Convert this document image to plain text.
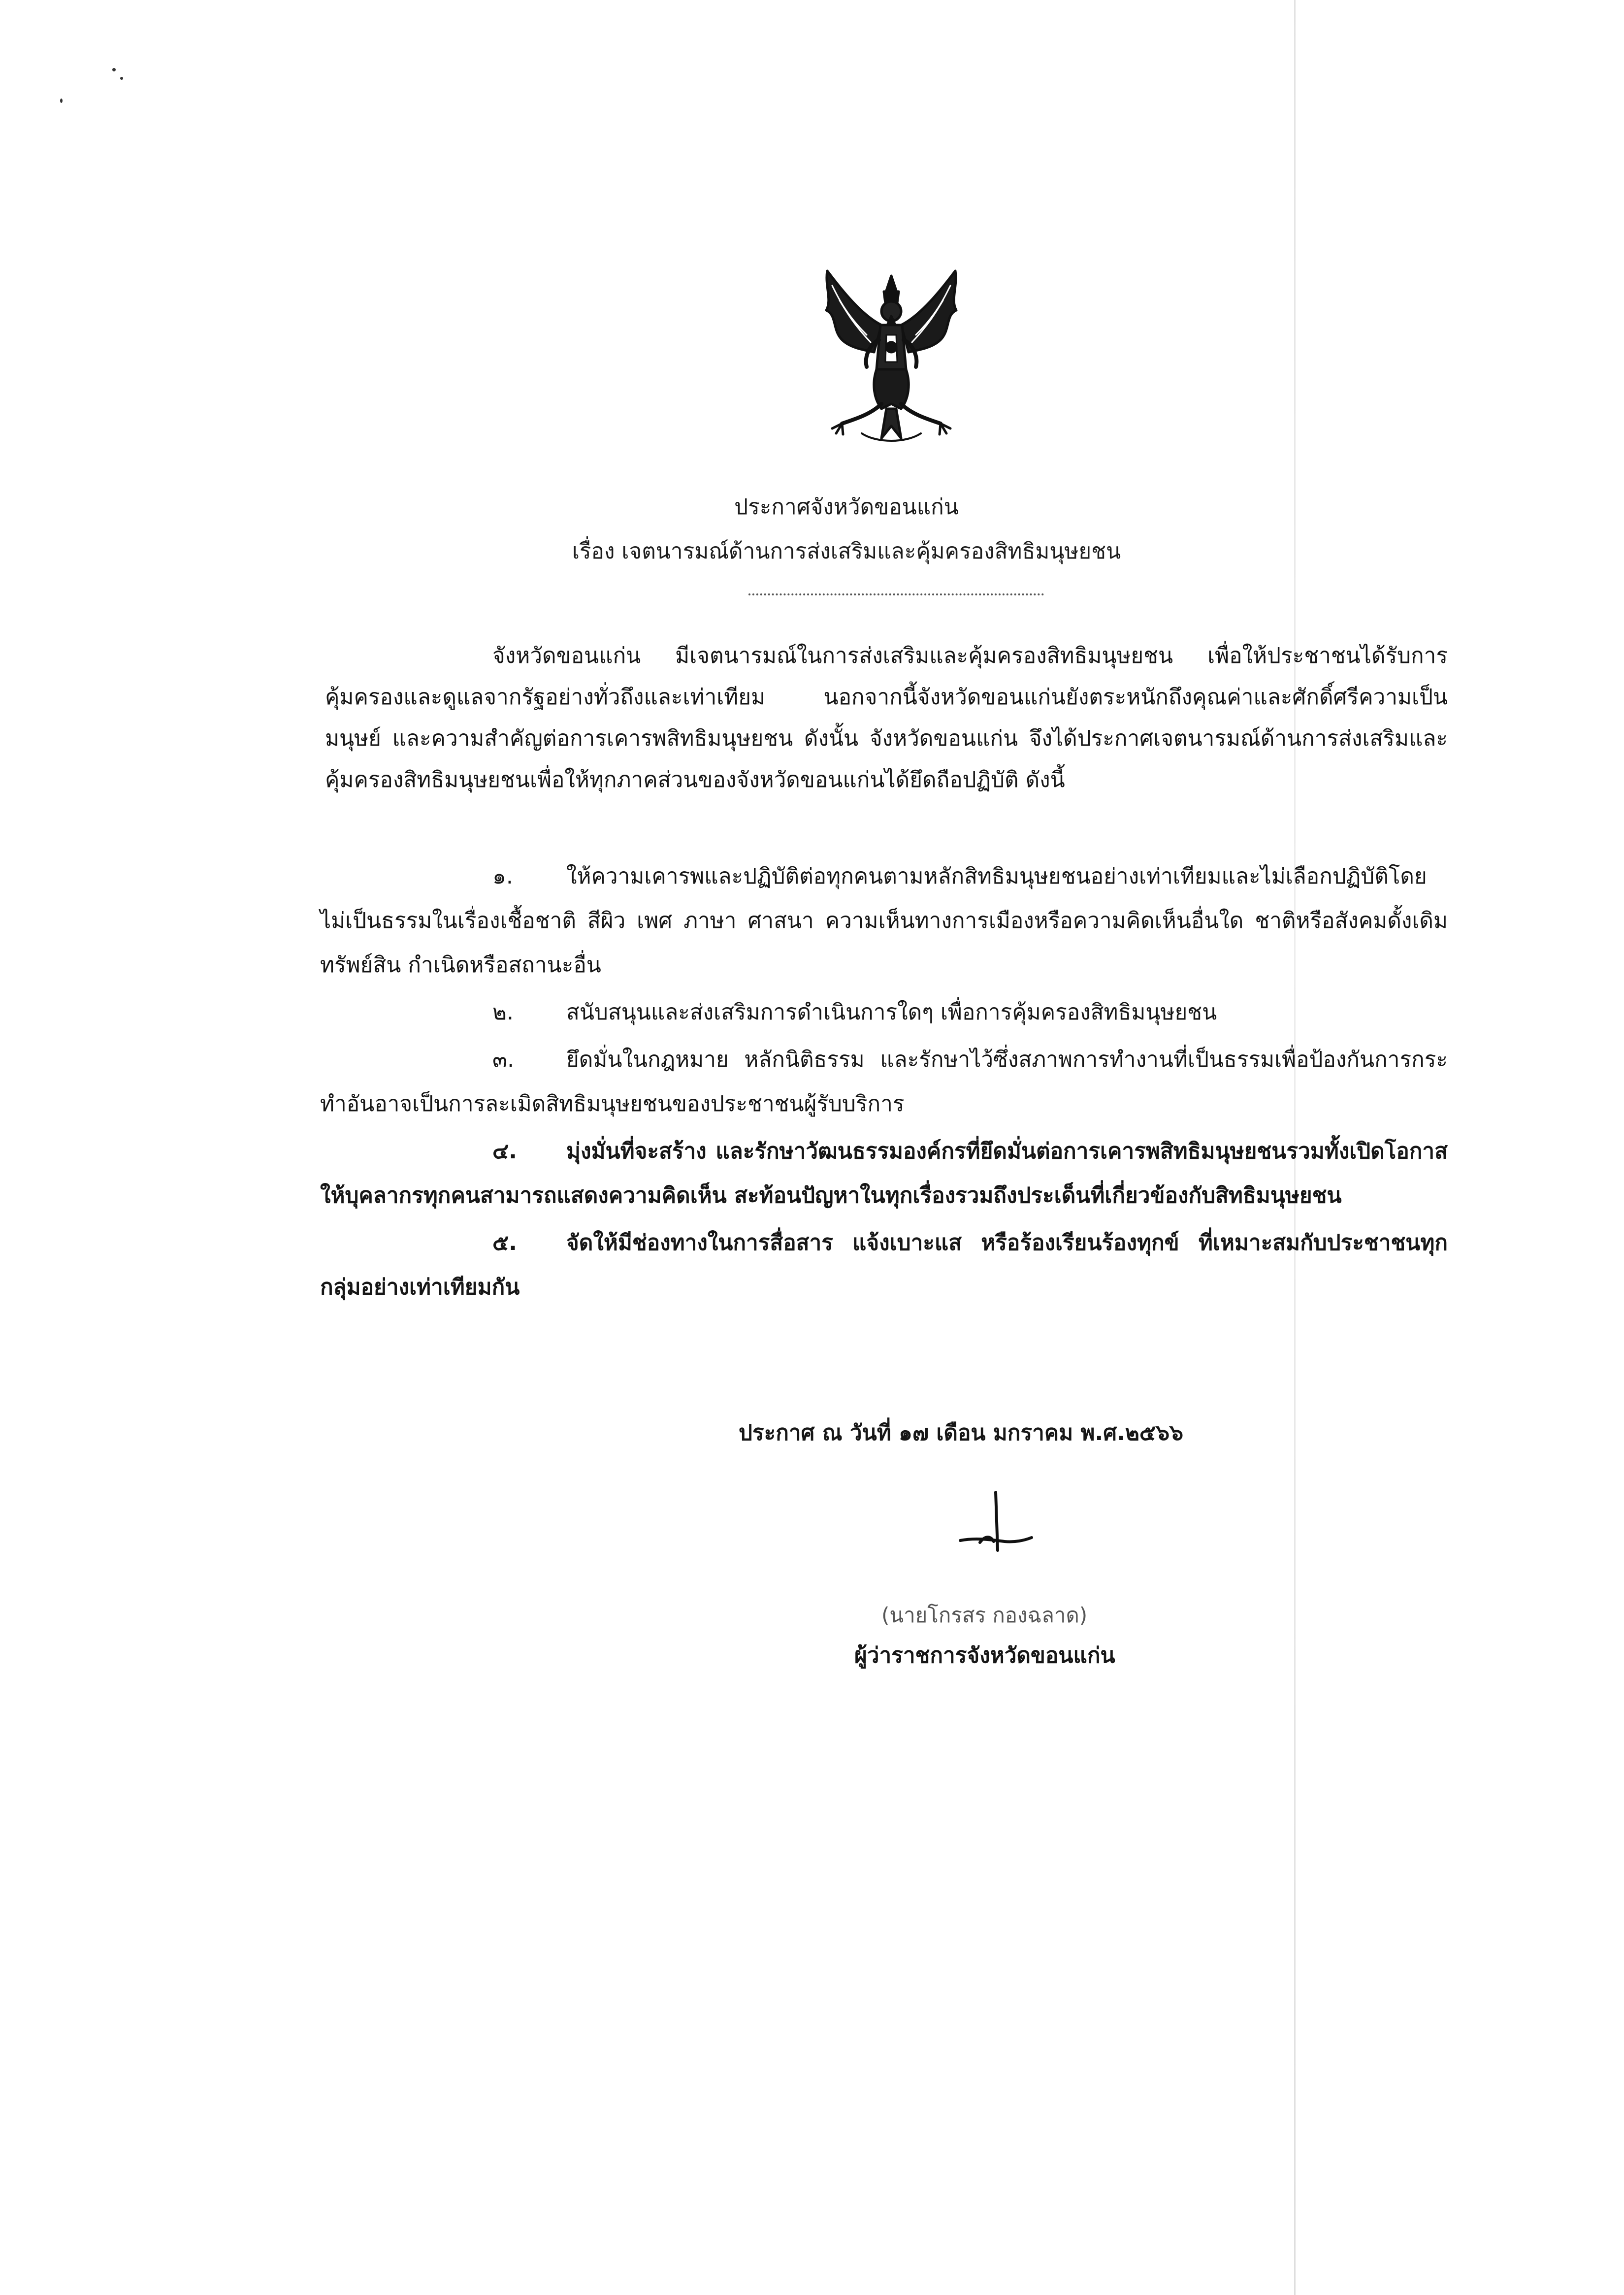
ประกาศจังหวัดขอนแก่น
เรื่อง เจตนารมณ์ด้านการส่งเสริมและคุ้มครองสิทธิมนุษยชน
จังหวัดขอนแก่น มีเจตนารมณ์ในการส่งเสริมและคุ้มครองสิทธิมนุษยชน เพื่อให้ประชาชนได้รับการคุ้มครองและดูแลจากรัฐอย่างทั่วถึงและเท่าเทียม นอกจากนี้จังหวัดขอนแก่นยังตระหนักถึงคุณค่าและศักดิ์ศรีความเป็นมนุษย์ และความสำคัญต่อการเคารพสิทธิมนุษยชน ดังนั้น จังหวัดขอนแก่น จึงได้ประกาศเจตนารมณ์ด้านการส่งเสริมและคุ้มครองสิทธิมนุษยชนเพื่อให้ทุกภาคส่วนของจังหวัดขอนแก่นได้ยึดถือปฏิบัติ ดังนี้
๑. ให้ความเคารพและปฏิบัติต่อทุกคนตามหลักสิทธิมนุษยชนอย่างเท่าเทียมและไม่เลือกปฏิบัติโดยไม่เป็นธรรมในเรื่องเชื้อชาติ สีผิว เพศ ภาษา ศาสนา ความเห็นทางการเมืองหรือความคิดเห็นอื่นใด ชาติหรือสังคมดั้งเดิม ทรัพย์สิน กำเนิดหรือสถานะอื่น
๒. สนับสนุนและส่งเสริมการดำเนินการใดๆ เพื่อการคุ้มครองสิทธิมนุษยชน
๓. ยึดมั่นในกฎหมาย หลักนิติธรรม และรักษาไว้ซึ่งสภาพการทำงานที่เป็นธรรมเพื่อป้องกันการกระทำอันอาจเป็นการละเมิดสิทธิมนุษยชนของประชาชนผู้รับบริการ
๔. มุ่งมั่นที่จะสร้าง และรักษาวัฒนธรรมองค์กรที่ยึดมั่นต่อการเคารพสิทธิมนุษยชนรวมทั้งเปิดโอกาสให้บุคลากรทุกคนสามารถแสดงความคิดเห็น สะท้อนปัญหาในทุกเรื่องรวมถึงประเด็นที่เกี่ยวข้องกับสิทธิมนุษยชน
๕. จัดให้มีช่องทางในการสื่อสาร แจ้งเบาะแส หรือร้องเรียนร้องทุกข์ ที่เหมาะสมกับประชาชนทุกกลุ่มอย่างเท่าเทียมกัน
ประกาศ ณ วันที่ ๑๗ เดือน มกราคม พ.ศ.๒๕๖๖
(นายโกรสร กองฉลาด)
ผู้ว่าราชการจังหวัดขอนแก่น
